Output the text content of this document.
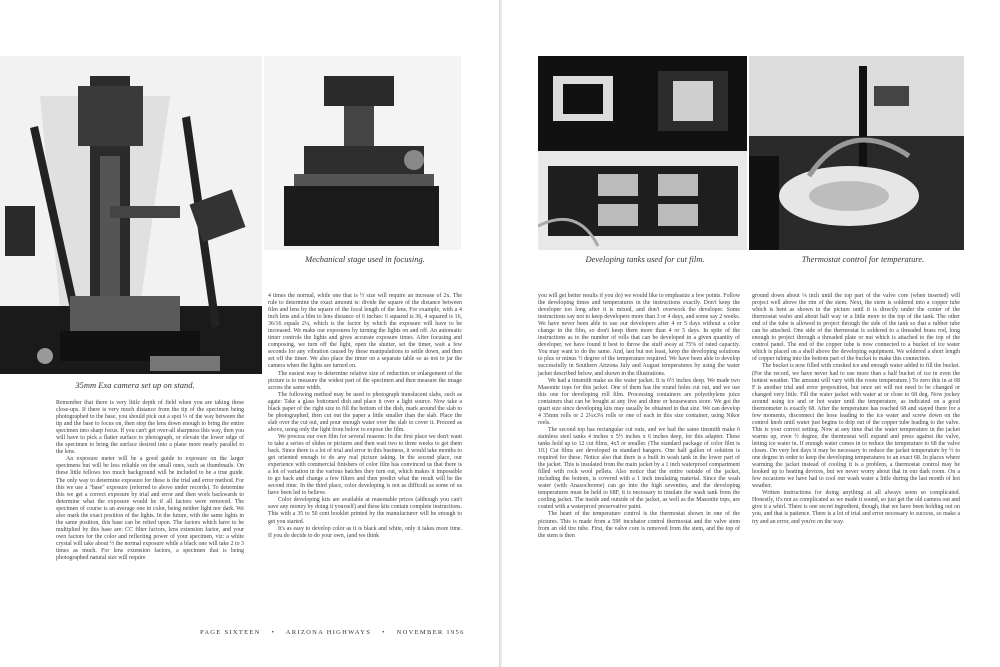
35mm Exa camera set up on stand.
Mechanical stage used in focusing.

Remember that there is very little depth of field when you are taking these close-ups. If there is very much distance from the tip of the specimen being photographed to the base, you should pick out a spot ⅓ of the way between the tip and the base to focus on, then stop the lens down enough to bring the entire specimen into sharp focus. If you can't get over-all sharpness this way, then you will have to pick a flatter surface to photograph, or elevate the lower edge of the specimen to bring the surface desired into a plane more nearly parallel to the lens.

An exposure meter will be a good guide to exposure on the larger specimens but will be less reliable on the small ones, such as thumbnails. On these little fellows too much background will be included to be a true guide. The only way to determine exposure for these is the trial and error method. For this we use a "base" exposure (referred to above under records). To determine this we get a correct exposure by trial and error and then work backwards to determine what the exposure would be if all factors were removed. The specimen of course is an average one in color, being neither light nor dark. We also mark the exact position of the lights. In the future, with the same lights in the same position, this base can be relied upon. The factors which have to be multiplied by this base are: CC filter factors, lens extension factor, and your own factors for the color and reflecting power of your specimen, viz: a white crystal will take about ½ the normal exposure while a black one will take 2 to 3 times as much. For lens extension factors, a specimen that is being photographed natural size will require

4 times the normal, while one that is ½ size will require an increase of 2x. The rule to determine the exact amount is: divide the square of the distance between film and lens by the square of the focal length of the lens. For example, with a 4 inch lens and a film to lens distance of 6 inches: 6 squared is 36, 4 squared is 16, 36/16 equals 2¼, which is the factor by which the exposure will have to be increased. We make our exposures by turning the lights on and off. An automatic timer controls the lights and gives accurate exposure times. After focusing and composing, we turn off the light, open the shutter, set the timer, wait a few seconds for any vibration caused by these manipulations to settle down, and then set off the timer. We also place the timer on a separate table so as not to jar the camera when the lights are turned on.

The easiest way to determine relative size of reduction or enlargement of the picture is to measure the widest part of the specimen and then measure the image across the same width.

The following method may be used to photograph translucent slabs, such as agate: Take a glass bottomed dish and place it over a light source. Now take a black paper of the right size to fill the bottom of the dish, mark around the slab to be photographed, then cut out the paper a little smaller than the slab. Place the slab over the cut out, and pour enough water over the slab to cover it. Proceed as above, using only the light from below to expose the film.

We process our own film for several reasons: In the first place we don't want to take a series of slides or pictures and then wait two to three weeks to get them back. Since there is a lot of trial and error in this business, it would take months to get oriented enough to do any real picture taking. In the second place, our experience with commercial finishers of color film has convinced us that there is a lot of variation in the various batches they turn out, which makes it impossible to go back and change a few filters and then predict what the result will be the second time. In the third place, color developing is not as difficult as some of us have been led to believe.

Color developing kits are available at reasonable prices (although you can't save any money by doing it yourself) and these kits contain complete instructions. This with a 35 to 50 cent booklet printed by the manufacturer will be enough to get you started.

It's as easy to develop color as it is black and white, only it takes more time. If you do decide to do your own, (and we think

Developing tanks used for cut film.	Thermostat control for temperature.

you will get better results if you do) we would like to emphasize a few points. Follow the developing times and temperatures in the instructions exactly. Don't keep the developer too long after it is mixed, and don't overwork the developer. Some instructions say not to keep developers more than 3 or 4 days, and some say 2 weeks. We have never been able to use our developers after 4 or 5 days without a color change in the film, so don't keep them more than 4 or 5 days. In spite of the instructions as to the number of rolls that can be developed in a given quantity of developer, we have found it best to throw the stuff away at 75% of rated capacity. You may want to do the same. And, last but not least, keep the developing solutions to plus or minus ½ degree of the temperature required. We have been able to develop successfully in Southern Arizona July and August temperatures by using the water jacket described below, and shown in the illustrations.

We had a tinsmith make us the water jacket. It is 6½ inches deep. We made two Masonite tops for this jacket. One of them has the round holes cut out, and we use this one for developing roll film. Processing containers are polyethylene juice containers that can be bought at any five and dime or housewares store. We got the quart size since developing kits may usually be obtained in that size. We can develop 4 35mm rolls or 2 2¼x3¼ rolls or one of each in this size container, using Nikor reels.

The second top has rectangular cut outs, and we had the same tinsmith make 6 stainless steel tanks 4 inches x 5½ inches x 6 inches deep, for this adapter. These tanks hold up to 12 cut films, 4x5 or smaller. (The standard package of color film is 10.) Cut films are developed in standard hangers. One half gallon of solution is required for these. Notice also that there is a built in wash tank in the lower part of the jacket. This is insulated from the main jacket by a 1 inch waterproof compartment filled with rock wool pellets. Also notice that the entire outside of the jacket, including the bottom, is covered with a 1 inch insulating material. Since the wash water (with Anasochrome) can go into the high seventies, and the developing temperatures must be held to 68F, it is necessary to insulate the wash tank from the cooling jacket. The inside and outside of the jacket, as well as the Masonite tops, are coated with a waterproof preservative paint.

The heart of the temperature control is the thermostat shown in one of the pictures. This is made from a 59¢ incubator control thermostat and the valve stem from an old tire tube. First, the valve core is removed from the stem, and the top of the stem is then

ground down about ⅛ inch until the top part of the valve core (when inserted) will project well above the rim of the stem. Next, the stem is soldered into a copper tube which is bent as shown in the picture until it is directly under the center of the thermostat wafer and about half way or a little more to the top of the tank. The other end of the tube is allowed to project through the side of the tank so that a rubber tube can be attached. One side of the thermostat is soldered to a threaded brass rod, long enough to project through a threaded plate or nut which is attached to the top of the control panel. The end of the copper tube is now connected to a bucket of ice water which is placed on a shelf above the developing equipment. We soldered a short length of copper tubing into the bottom part of the bucket to make this connection.

The bucket is now filled with crushed ice and enough water added to fill the bucket. (For the record, we have never had to use more than a half bucket of ice in even the hottest weather. The amount will vary with the room temperature.) To zero this in at 68 F is another trial and error proposition, but once set will not need to be changed or changed very little. Fill the water jacket with water at or close to 68 deg. Now jockey around using ice and or hot water until the temperature, as indicated on a good thermometer is exactly 68. After the temperature has reached 68 and stayed there for a few moments, disconnect the hose leading to the ice water and screw down on the control knob until water just begins to drip out of the copper tube leading to the valve. This is your correct setting. Now at any time that the water temperature in the jacket warms up, even ½ degree, the thermostat will expand and press against the valve, letting ice water in. If enough water comes in to reduce the temperature to 68 the valve closes. On very hot days it may be necessary to reduce the jacket temperature by ½ to one degree in order to keep the developing temperatures to an exact 68. In places where warming the jacket instead of cooling it is a problem, a thermostat control may be hooked up to heating devices, but we never worry about that in our dark room. On a few occasions we have had to cool our wash water a little during the last month of hot weather.

Written instructions for doing anything at all always seem so complicated. Honestly, it's not as complicated as we made it sound, so just get the old camera out and give it a whirl. There is one secret ingredient, though, that we have been holding out on you, and that is patience. There is a lot of trial and error necessary to success, so make a try and an error, and you're on the way.

PAGE SIXTEEN • ARIZONA HIGHWAYS • NOVEMBER 1956
